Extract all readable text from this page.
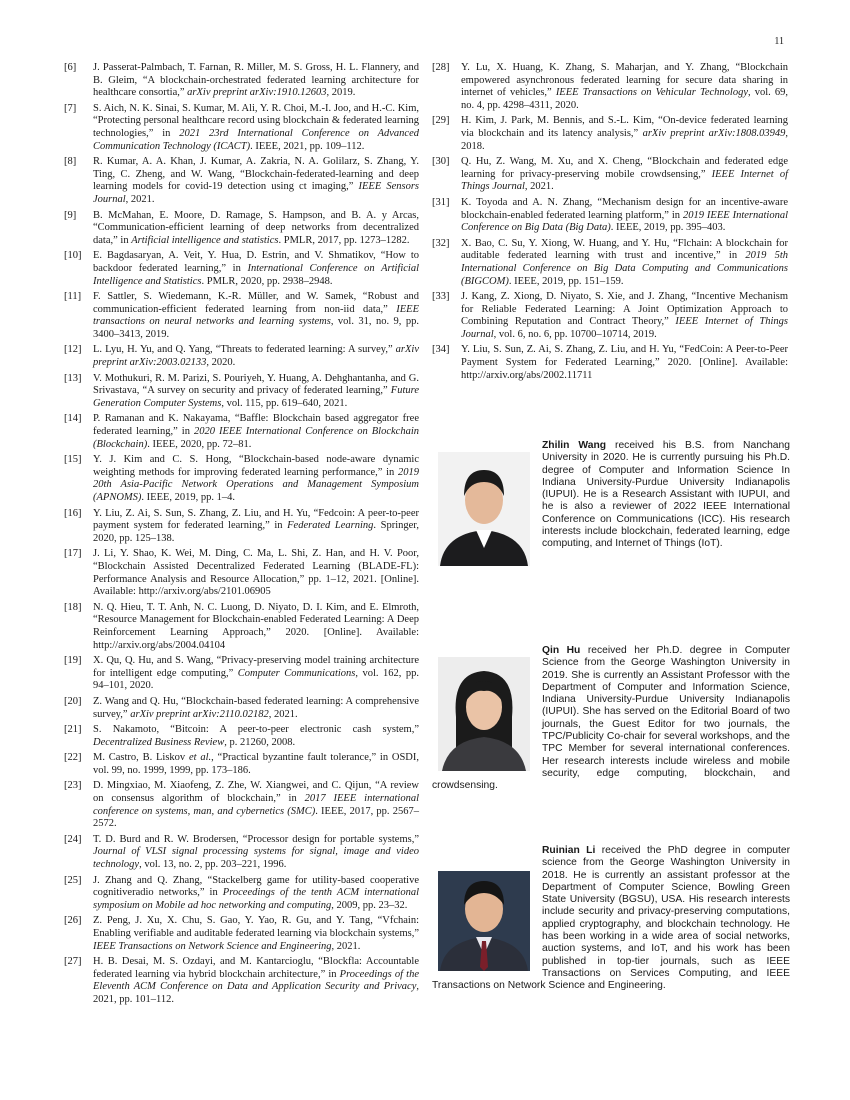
11
[6]	J. Passerat-Palmbach, T. Farnan, R. Miller, M. S. Gross, H. L. Flannery, and B. Gleim, “A blockchain-orchestrated federated learning architecture for healthcare consortia,” arXiv preprint arXiv:1910.12603, 2019.
[7]	S. Aich, N. K. Sinai, S. Kumar, M. Ali, Y. R. Choi, M.-I. Joo, and H.-C. Kim, “Protecting personal healthcare record using blockchain & federated learning technologies,” in 2021 23rd International Conference on Advanced Communication Technology (ICACT). IEEE, 2021, pp. 109–112.
[8]	R. Kumar, A. A. Khan, J. Kumar, A. Zakria, N. A. Golilarz, S. Zhang, Y. Ting, C. Zheng, and W. Wang, “Blockchain-federated-learning and deep learning models for covid-19 detection using ct imaging,” IEEE Sensors Journal, 2021.
[9]	B. McMahan, E. Moore, D. Ramage, S. Hampson, and B. A. y Arcas, “Communication-efficient learning of deep networks from decentralized data,” in Artificial intelligence and statistics. PMLR, 2017, pp. 1273–1282.
[10]	E. Bagdasaryan, A. Veit, Y. Hua, D. Estrin, and V. Shmatikov, “How to backdoor federated learning,” in International Conference on Artificial Intelligence and Statistics. PMLR, 2020, pp. 2938–2948.
[11]	F. Sattler, S. Wiedemann, K.-R. Müller, and W. Samek, “Robust and communication-efficient federated learning from non-iid data,” IEEE transactions on neural networks and learning systems, vol. 31, no. 9, pp. 3400–3413, 2019.
[12]	L. Lyu, H. Yu, and Q. Yang, “Threats to federated learning: A survey,” arXiv preprint arXiv:2003.02133, 2020.
[13]	V. Mothukuri, R. M. Parizi, S. Pouriyeh, Y. Huang, A. Dehghantanha, and G. Srivastava, “A survey on security and privacy of federated learning,” Future Generation Computer Systems, vol. 115, pp. 619–640, 2021.
[14]	P. Ramanan and K. Nakayama, “Baffle: Blockchain based aggregator free federated learning,” in 2020 IEEE International Conference on Blockchain (Blockchain). IEEE, 2020, pp. 72–81.
[15]	Y. J. Kim and C. S. Hong, “Blockchain-based node-aware dynamic weighting methods for improving federated learning performance,” in 2019 20th Asia-Pacific Network Operations and Management Symposium (APNOMS). IEEE, 2019, pp. 1–4.
[16]	Y. Liu, Z. Ai, S. Sun, S. Zhang, Z. Liu, and H. Yu, “Fedcoin: A peer-to-peer payment system for federated learning,” in Federated Learning. Springer, 2020, pp. 125–138.
[17]	J. Li, Y. Shao, K. Wei, M. Ding, C. Ma, L. Shi, Z. Han, and H. V. Poor, “Blockchain Assisted Decentralized Federated Learning (BLADE-FL): Performance Analysis and Resource Allocation,” pp. 1–12, 2021. [Online]. Available: http://arxiv.org/abs/2101.06905
[18]	N. Q. Hieu, T. T. Anh, N. C. Luong, D. Niyato, D. I. Kim, and E. Elmroth, “Resource Management for Blockchain-enabled Federated Learning: A Deep Reinforcement Learning Approach,” 2020. [Online]. Available: http://arxiv.org/abs/2004.04104
[19]	X. Qu, Q. Hu, and S. Wang, “Privacy-preserving model training architecture for intelligent edge computing,” Computer Communications, vol. 162, pp. 94–101, 2020.
[20]	Z. Wang and Q. Hu, “Blockchain-based federated learning: A comprehensive survey,” arXiv preprint arXiv:2110.02182, 2021.
[21]	S. Nakamoto, “Bitcoin: A peer-to-peer electronic cash system,” Decentralized Business Review, p. 21260, 2008.
[22]	M. Castro, B. Liskov et al., “Practical byzantine fault tolerance,” in OSDI, vol. 99, no. 1999, 1999, pp. 173–186.
[23]	D. Mingxiao, M. Xiaofeng, Z. Zhe, W. Xiangwei, and C. Qijun, “A review on consensus algorithm of blockchain,” in 2017 IEEE international conference on systems, man, and cybernetics (SMC). IEEE, 2017, pp. 2567–2572.
[24]	T. D. Burd and R. W. Brodersen, “Processor design for portable systems,” Journal of VLSI signal processing systems for signal, image and video technology, vol. 13, no. 2, pp. 203–221, 1996.
[25]	J. Zhang and Q. Zhang, “Stackelberg game for utility-based cooperative cognitiveradio networks,” in Proceedings of the tenth ACM international symposium on Mobile ad hoc networking and computing, 2009, pp. 23–32.
[26]	Z. Peng, J. Xu, X. Chu, S. Gao, Y. Yao, R. Gu, and Y. Tang, “Vfchain: Enabling verifiable and auditable federated learning via blockchain systems,” IEEE Transactions on Network Science and Engineering, 2021.
[27]	H. B. Desai, M. S. Ozdayi, and M. Kantarcioglu, “Blockfla: Accountable federated learning via hybrid blockchain architecture,” in Proceedings of the Eleventh ACM Conference on Data and Application Security and Privacy, 2021, pp. 101–112.
[28]	Y. Lu, X. Huang, K. Zhang, S. Maharjan, and Y. Zhang, “Blockchain empowered asynchronous federated learning for secure data sharing in internet of vehicles,” IEEE Transactions on Vehicular Technology, vol. 69, no. 4, pp. 4298–4311, 2020.
[29]	H. Kim, J. Park, M. Bennis, and S.-L. Kim, “On-device federated learning via blockchain and its latency analysis,” arXiv preprint arXiv:1808.03949, 2018.
[30]	Q. Hu, Z. Wang, M. Xu, and X. Cheng, “Blockchain and federated edge learning for privacy-preserving mobile crowdsensing,” IEEE Internet of Things Journal, 2021.
[31]	K. Toyoda and A. N. Zhang, “Mechanism design for an incentive-aware blockchain-enabled federated learning platform,” in 2019 IEEE International Conference on Big Data (Big Data). IEEE, 2019, pp. 395–403.
[32]	X. Bao, C. Su, Y. Xiong, W. Huang, and Y. Hu, “Flchain: A blockchain for auditable federated learning with trust and incentive,” in 2019 5th International Conference on Big Data Computing and Communications (BIGCOM). IEEE, 2019, pp. 151–159.
[33]	J. Kang, Z. Xiong, D. Niyato, S. Xie, and J. Zhang, “Incentive Mechanism for Reliable Federated Learning: A Joint Optimization Approach to Combining Reputation and Contract Theory,” IEEE Internet of Things Journal, vol. 6, no. 6, pp. 10700–10714, 2019.
[34]	Y. Liu, S. Sun, Z. Ai, S. Zhang, Z. Liu, and H. Yu, “FedCoin: A Peer-to-Peer Payment System for Federated Learning,” 2020. [Online]. Available: http://arxiv.org/abs/2002.11711
Zhilin Wang received his B.S. from Nanchang University in 2020. He is currently pursuing his Ph.D. degree of Computer and Information Science In Indiana University-Purdue University Indianapolis (IUPUI). He is a Research Assistant with IUPUI, and he is also a reviewer of 2022 IEEE International Conference on Communications (ICC). His research interests include blockchain, federated learning, edge computing, and Internet of Things (IoT).
Qin Hu received her Ph.D. degree in Computer Science from the George Washington University in 2019. She is currently an Assistant Professor with the Department of Computer and Information Science, Indiana University-Purdue University Indianapolis (IUPUI). She has served on the Editorial Board of two journals, the Guest Editor for two journals, the TPC/Publicity Co-chair for several workshops, and the TPC Member for several international conferences. Her research interests include wireless and mobile security, edge computing, blockchain, and crowdsensing.
Ruinian Li received the PhD degree in computer science from the George Washington University in 2018. He is currently an assistant professor at the Department of Computer Science, Bowling Green State University (BGSU), USA. His research interests include security and privacy-preserving computations, applied cryptography, and blockchain technology. He has been working in a wide area of social networks, auction systems, and IoT, and his work has been published in top-tier journals, such as IEEE Transactions on Services Computing, and IEEE Transactions on Network Science and Engineering.
